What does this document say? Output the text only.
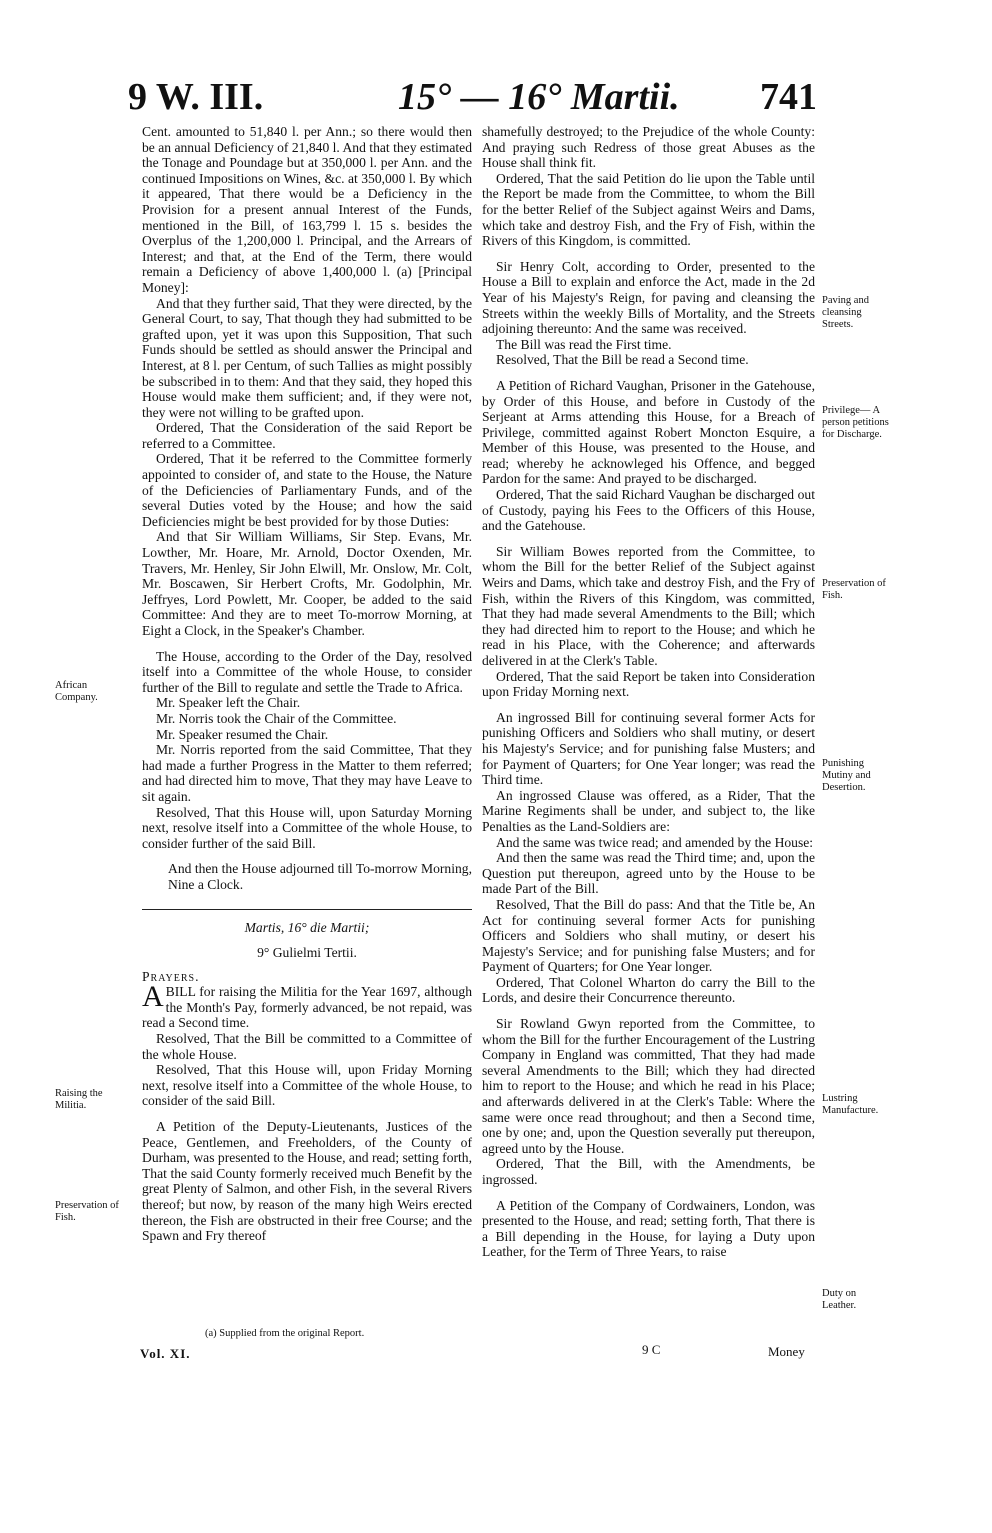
9 W. III.	15° — 16° Martii. 741

Cent. amounted to 51,840 l. per Ann.; so there would then be an annual Deficiency of 21,840 l. And that they estimated the Tonage and Poundage but at 350,000 l. per Ann. and the continued Impositions on Wines, &c. at 350,000 l. By which it appeared, That there would be a Deficiency in the Provision for a present annual Interest of the Funds, mentioned in the Bill, of 163,799 l. 15 s. besides the Overplus of the 1,200,000 l. Principal, and the Arrears of Interest; and that, at the End of the Term, there would remain a Deficiency of above 1,400,000 l. (a) [Principal Money]:

And that they further said, That they were directed, by the General Court, to say, That though they had submitted to be grafted upon, yet it was upon this Supposition, That such Funds should be settled as should answer the Principal and Interest, at 8 l. per Centum, of such Tallies as might possibly be subscribed in to them: And that they said, they hoped this House would make them sufficient; and, if they were not, they were not willing to be grafted upon.

Ordered, That the Consideration of the said Report be referred to a Committee.

Ordered, That it be referred to the Committee formerly appointed to consider of, and state to the House, the Nature of the Deficiencies of Parliamentary Funds, and of the several Duties voted by the House; and how the said Deficiencies might be best provided for by those Duties:

And that Sir William Williams, Sir Step. Evans, Mr. Lowther, Mr. Hoare, Mr. Arnold, Doctor Oxenden, Mr. Travers, Mr. Henley, Sir John Elwill, Mr. Onslow, Mr. Colt, Mr. Boscawen, Sir Herbert Crofts, Mr. Godolphin, Mr. Jeffryes, Lord Powlett, Mr. Cooper, be added to the said Committee: And they are to meet To-morrow Morning, at Eight a Clock, in the Speaker's Chamber.

The House, according to the Order of the Day, resolved itself into a Committee of the whole House, to consider further of the Bill to regulate and settle the Trade to Africa.

Mr. Speaker left the Chair.

Mr. Norris took the Chair of the Committee.

Mr. Speaker resumed the Chair.

Mr. Norris reported from the said Committee, That they had made a further Progress in the Matter to them referred; and had directed him to move, That they may have Leave to sit again.

Resolved, That this House will, upon Saturday Morning next, resolve itself into a Committee of the whole House, to consider further of the said Bill.

And then the House adjourned till To-morrow Morning, Nine a Clock.

Martis, 16° die Martii;

9° Gulielmi Tertii.

Prayers.

ABILL for raising the Militia for the Year 1697, although the Month's Pay, formerly advanced, be not repaid, was read a Second time.

Resolved, That the Bill be committed to a Committee of the whole House.

Resolved, That this House will, upon Friday Morning next, resolve itself into a Committee of the whole House, to consider of the said Bill.

A Petition of the Deputy-Lieutenants, Justices of the Peace, Gentlemen, and Freeholders, of the County of Durham, was presented to the House, and read; setting forth, That the said County formerly received much Benefit by the great Plenty of Salmon, and other Fish, in the several Rivers thereof; but now, by reason of the many high Weirs erected thereon, the Fish are obstructed in their free Course; and the Spawn and Fry thereof

shamefully destroyed; to the Prejudice of the whole County: And praying such Redress of those great Abuses as the House shall think fit.

Ordered, That the said Petition do lie upon the Table until the Report be made from the Committee, to whom the Bill for the better Relief of the Subject against Weirs and Dams, which take and destroy Fish, and the Fry of Fish, within the Rivers of this Kingdom, is committed.

Sir Henry Colt, according to Order, presented to the House a Bill to explain and enforce the Act, made in the 2d Year of his Majesty's Reign, for paving and cleansing the Streets within the weekly Bills of Mortality, and the Streets adjoining thereunto: And the same was received.

The Bill was read the First time.

Resolved, That the Bill be read a Second time.

A Petition of Richard Vaughan, Prisoner in the Gatehouse, by Order of this House, and before in Custody of the Serjeant at Arms attending this House, for a Breach of Privilege, committed against Robert Moncton Esquire, a Member of this House, was presented to the House, and read; whereby he acknowleged his Offence, and begged Pardon for the same: And prayed to be discharged.

Ordered, That the said Richard Vaughan be discharged out of Custody, paying his Fees to the Officers of this House, and the Gatehouse.

Sir William Bowes reported from the Committee, to whom the Bill for the better Relief of the Subject against Weirs and Dams, which take and destroy Fish, and the Fry of Fish, within the Rivers of this Kingdom, was committed, That they had made several Amendments to the Bill; which they had directed him to report to the House; and which he read in his Place, with the Coherence; and afterwards delivered in at the Clerk's Table.

Ordered, That the said Report be taken into Consideration upon Friday Morning next.

An ingrossed Bill for continuing several former Acts for punishing Officers and Soldiers who shall mutiny, or desert his Majesty's Service; and for punishing false Musters; and for Payment of Quarters; for One Year longer; was read the Third time.

An ingrossed Clause was offered, as a Rider, That the Marine Regiments shall be under, and subject to, the like Penalties as the Land-Soldiers are:

And the same was twice read; and amended by the House:

And then the same was read the Third time; and, upon the Question put thereupon, agreed unto by the House to be made Part of the Bill.

Resolved, That the Bill do pass: And that the Title be, An Act for continuing several former Acts for punishing Officers and Soldiers who shall mutiny, or desert his Majesty's Service; and for punishing false Musters; and for Payment of Quarters; for One Year longer.

Ordered, That Colonel Wharton do carry the Bill to the Lords, and desire their Concurrence thereunto.

Sir Rowland Gwyn reported from the Committee, to whom the Bill for the further Encouragement of the Lustring Company in England was committed, That they had made several Amendments to the Bill; which they had directed him to report to the House; and which he read in his Place; and afterwards delivered in at the Clerk's Table: Where the same were once read throughout; and then a Second time, one by one; and, upon the Question severally put thereupon, agreed unto by the House.

Ordered, That the Bill, with the Amendments, be ingrossed.

A Petition of the Company of Cordwainers, London, was presented to the House, and read; setting forth, That there is a Bill depending in the House, for laying a Duty upon Leather, for the Term of Three Years, to raise

African Company.
Raising the Militia.
Preservation of Fish.
Paving and cleansing Streets.
Privilege— A person petitions for Discharge.
Preservation of Fish.
Punishing Mutiny and Desertion.
Lustring Manufacture.
Duty on Leather.
(a) Supplied from the original Report.
Vol. XI.	9 C	Money
